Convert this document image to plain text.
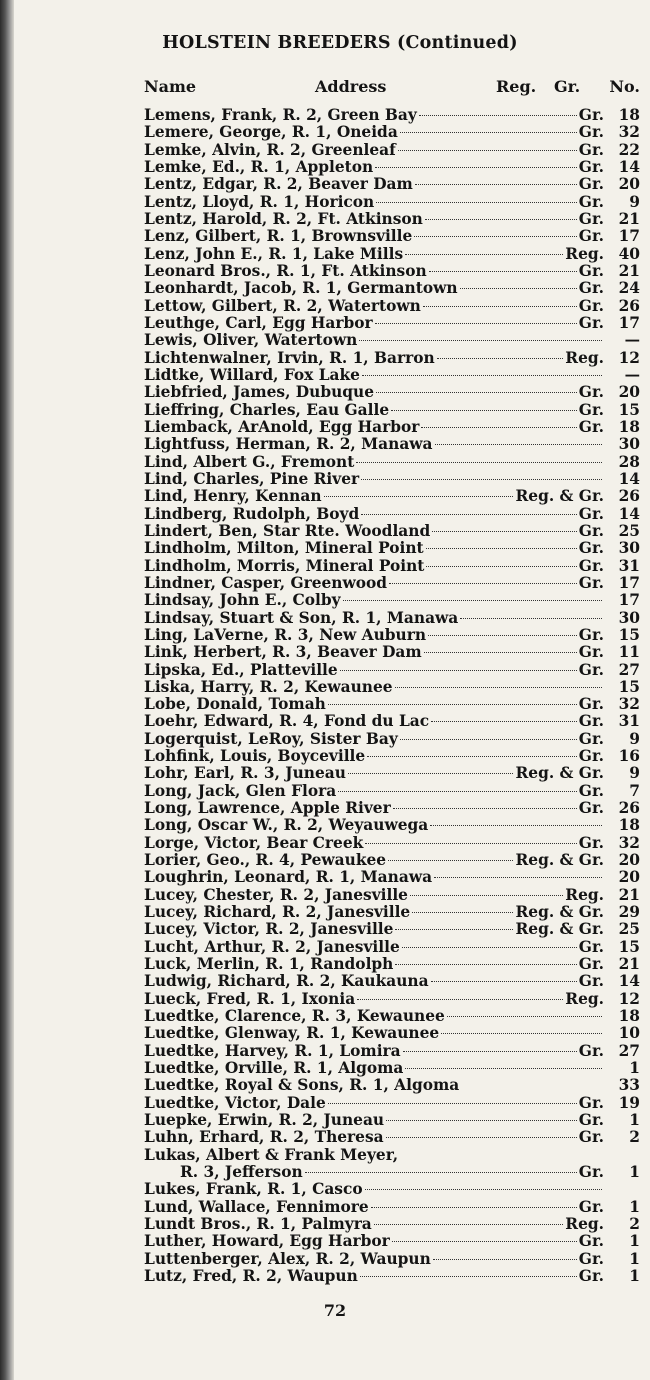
HOLSTEIN BREEDERS (Continued)
Name	Address	Reg. Gr. No.
Lemens, Frank, R. 2, Green Bay	Gr. 18
Lemere, George, R. 1, Oneida	Gr. 32
Lemke, Alvin, R. 2, Greenleaf	Gr. 22
Lemke, Ed., R. 1, Appleton	Gr. 14
Lentz, Edgar, R. 2, Beaver Dam	Gr. 20
Lentz, Lloyd, R. 1, Horicon	Gr.	9
Lentz, Harold, R. 2, Ft. Atkinson	Gr. 21
Lenz, Gilbert, R. 1, Brownsville	Gr. 17
Lenz, John E., R. 1, Lake Mills	Reg. 40
Leonard Bros., R. 1, Ft. Atkinson	Gr. 21
Leonhardt, Jacob, R. 1, Germantown	Gr. 24
Lettow, Gilbert, R. 2, Watertown	Gr. 26
Leuthge, Carl, Egg Harbor	Gr. 17
Lewis, Oliver, Watertown	—
Lichtenwalner, Irvin, R. 1, Barron	Reg. 12
Lidtke, Willard, Fox Lake	—
Liebfried, James, Dubuque	Gr. 20
Lieffring, Charles, Eau Galle	Gr. 15
Liemback, ArAnold, Egg Harbor	Gr. 18
Lightfuss, Herman, R. 2, Manawa	30
Lind, Albert G., Fremont	28
Lind, Charles, Pine River	14
Lind, Henry, Kennan	Reg. & Gr. 26
Lindberg, Rudolph, Boyd	Gr. 14
Lindert, Ben, Star Rte. Woodland	Gr. 25
Lindholm, Milton, Mineral Point	Gr. 30
Lindholm, Morris, Mineral Point	Gr. 31
Lindner, Casper, Greenwood	Gr. 17
Lindsay, John E., Colby	17
Lindsay, Stuart & Son, R. 1, Manawa	30
Ling, LaVerne, R. 3, New Auburn	Gr. 15
Link, Herbert, R. 3, Beaver Dam	Gr. 11
Lipska, Ed., Platteville	Gr. 27
Liska, Harry, R. 2, Kewaunee	15
Lobe, Donald, Tomah	Gr. 32
Loehr, Edward, R. 4, Fond du Lac	Gr. 31
Logerquist, LeRoy, Sister Bay	Gr.	9
Lohfink, Louis, Boyceville	Gr. 16
Lohr, Earl, R. 3, Juneau	Reg. & Gr.	9
Long, Jack, Glen Flora	Gr.	7
Long, Lawrence, Apple River	Gr. 26
Long, Oscar W., R. 2, Weyauwega	18
Lorge, Victor, Bear Creek	Gr. 32
Lorier, Geo., R. 4, Pewaukee	Reg. & Gr. 20
Loughrin, Leonard, R. 1, Manawa	20
Lucey, Chester, R. 2, Janesville	Reg. 21
Lucey, Richard, R. 2, Janesville	Reg. & Gr. 29
Lucey, Victor, R. 2, Janesville	Reg. & Gr. 25
Lucht, Arthur, R. 2, Janesville	Gr. 15
Luck, Merlin, R. 1, Randolph	Gr. 21
Ludwig, Richard, R. 2, Kaukauna	Gr. 14
Lueck, Fred, R. 1, Ixonia	Reg. 12
Luedtke, Clarence, R. 3, Kewaunee	18
Luedtke, Glenway, R. 1, Kewaunee	10
Luedtke, Harvey, R. 1, Lomira	Gr. 27
Luedtke, Orville, R. 1, Algoma	1
Luedtke, Royal & Sons, R. 1, Algoma	33
Luedtke, Victor, Dale	Gr. 19
Luepke, Erwin, R. 2, Juneau	Gr.	1
Luhn, Erhard, R. 2, Theresa	Gr.	2
Lukas, Albert & Frank Meyer,
R. 3, Jefferson	Gr.	1
Lukes, Frank, R. 1, Casco
Lund, Wallace, Fennimore	Gr.	1
Lundt Bros., R. 1, Palmyra	Reg.	2
Luther, Howard, Egg Harbor	Gr.	1
Luttenberger, Alex, R. 2, Waupun	Gr.	1
Lutz, Fred, R. 2, Waupun	Gr.	1
72
